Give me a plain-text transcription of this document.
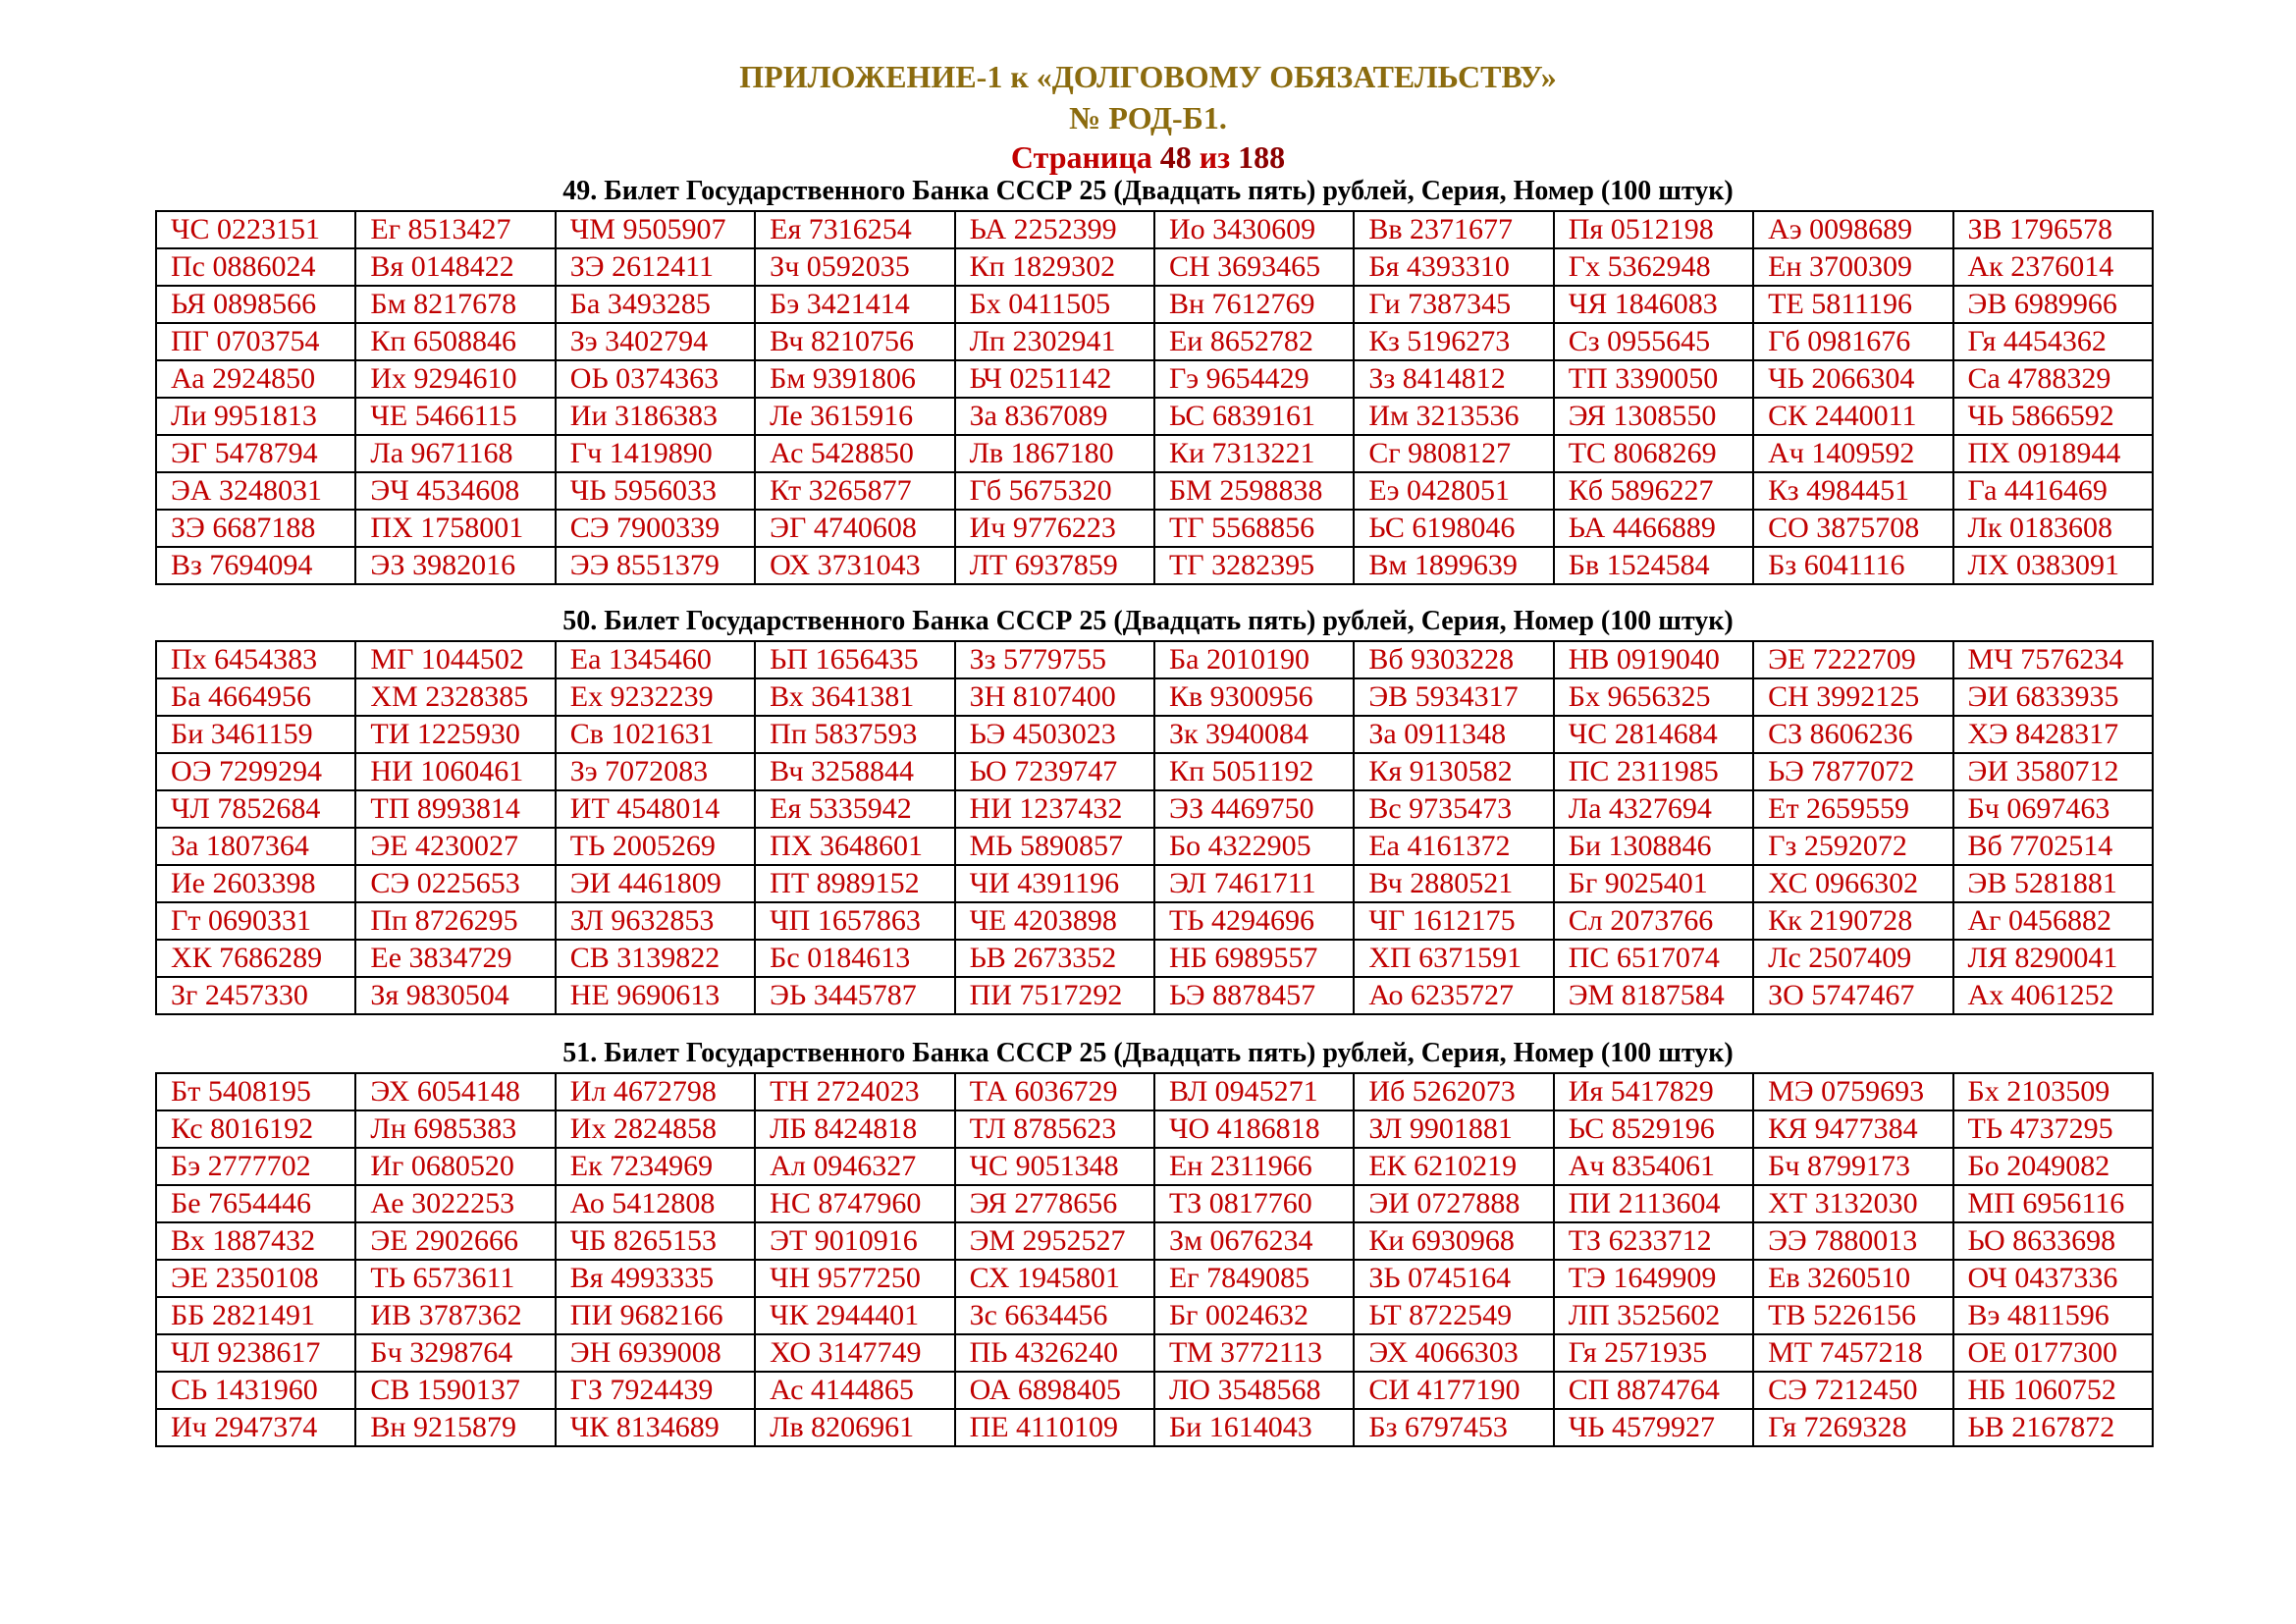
ПРИЛОЖЕНИЕ-1 к «ДОЛГОВОМУ ОБЯЗАТЕЛЬСТВУ»
№ РОД-Б1.
Страница 48 из 188
49. Билет Государственного Банка СССР 25 (Двадцать пять) рублей, Серия, Номер (100 штук)
ЧС 0223151	Ег 8513427	ЧМ 9505907	Ея 7316254	ЬА 2252399	Ио 3430609	Вв 2371677	Пя 0512198	Аэ 0098689	ЗВ 1796578
Пс 0886024	Вя 0148422	ЗЭ 2612411	Зч 0592035	Кп 1829302	СН 3693465	Бя 4393310	Гх 5362948	Ен 3700309	Ак 2376014
ЬЯ 0898566	Бм 8217678	Ба 3493285	Бэ 3421414	Бх 0411505	Вн 7612769	Ги 7387345	ЧЯ 1846083	ТЕ 5811196	ЭВ 6989966
ПГ 0703754	Кп 6508846	Зэ 3402794	Вч 8210756	Лп 2302941	Еи 8652782	Кз 5196273	Сз 0955645	Гб 0981676	Гя 4454362
Аа 2924850	Их 9294610	ОЬ 0374363	Бм 9391806	ЬЧ 0251142	Гэ 9654429	Зз 8414812	ТП 3390050	ЧЬ 2066304	Са 4788329
Ли 9951813	ЧЕ 5466115	Ии 3186383	Ле 3615916	За 8367089	ЬС 6839161	Им 3213536	ЭЯ 1308550	СК 2440011	ЧЬ 5866592
ЭГ 5478794	Ла 9671168	Гч 1419890	Ас 5428850	Лв 1867180	Ки 7313221	Сг 9808127	ТС 8068269	Ач 1409592	ПХ 0918944
ЭА 3248031	ЭЧ 4534608	ЧЬ 5956033	Кт 3265877	Гб 5675320	БМ 2598838	Еэ 0428051	Кб 5896227	Кз 4984451	Га 4416469
ЗЭ 6687188	ПХ 1758001	СЭ 7900339	ЭГ 4740608	Ич 9776223	ТГ 5568856	ЬС 6198046	ЬА 4466889	СО 3875708	Лк 0183608
Вз 7694094	ЭЗ 3982016	ЭЭ 8551379	ОХ 3731043	ЛТ 6937859	ТГ 3282395	Вм 1899639	Бв 1524584	Бз 6041116	ЛХ 0383091
50. Билет Государственного Банка СССР 25 (Двадцать пять) рублей, Серия, Номер (100 штук)
Пх 6454383	МГ 1044502	Еа 1345460	ЬП 1656435	Зз 5779755	Ба 2010190	Вб 9303228	НВ 0919040	ЭЕ 7222709	МЧ 7576234
Ба 4664956	ХМ 2328385	Ех 9232239	Вх 3641381	ЗН 8107400	Кв 9300956	ЭВ 5934317	Бх 9656325	СН 3992125	ЭИ 6833935
Би 3461159	ТИ 1225930	Св 1021631	Пп 5837593	ЬЭ 4503023	Зк 3940084	За 0911348	ЧС 2814684	СЗ 8606236	ХЭ 8428317
ОЭ 7299294	НИ 1060461	Зэ 7072083	Вч 3258844	ЬО 7239747	Кп 5051192	Кя 9130582	ПС 2311985	ЬЭ 7877072	ЭИ 3580712
ЧЛ 7852684	ТП 8993814	ИТ 4548014	Ея 5335942	НИ 1237432	ЭЗ 4469750	Вс 9735473	Ла 4327694	Ет 2659559	Бч 0697463
За 1807364	ЭЕ 4230027	ТЬ 2005269	ПХ 3648601	МЬ 5890857	Бо 4322905	Еа 4161372	Би 1308846	Гз 2592072	Вб 7702514
Ие 2603398	СЭ 0225653	ЭИ 4461809	ПТ 8989152	ЧИ 4391196	ЭЛ 7461711	Вч 2880521	Бг 9025401	ХС 0966302	ЭВ 5281881
Гт 0690331	Пп 8726295	ЗЛ 9632853	ЧП 1657863	ЧЕ 4203898	ТЬ 4294696	ЧГ 1612175	Сл 2073766	Кк 2190728	Аг 0456882
ХК 7686289	Ее 3834729	СВ 3139822	Бс 0184613	ЬВ 2673352	НБ 6989557	ХП 6371591	ПС 6517074	Лс 2507409	ЛЯ 8290041
Зг 2457330	Зя 9830504	НЕ 9690613	ЭЬ 3445787	ПИ 7517292	ЬЭ 8878457	Ао 6235727	ЭМ 8187584	ЗО 5747467	Ах 4061252
51. Билет Государственного Банка СССР 25 (Двадцать пять) рублей, Серия, Номер (100 штук)
Бт 5408195	ЭХ 6054148	Ил 4672798	ТН 2724023	ТА 6036729	ВЛ 0945271	Иб 5262073	Ия 5417829	МЭ 0759693	Бх 2103509
Кс 8016192	Лн 6985383	Их 2824858	ЛБ 8424818	ТЛ 8785623	ЧО 4186818	ЗЛ 9901881	ЬС 8529196	КЯ 9477384	ТЬ 4737295
Бэ 2777702	Иг 0680520	Ек 7234969	Ал 0946327	ЧС 9051348	Ен 2311966	ЕК 6210219	Ач 8354061	Бч 8799173	Бо 2049082
Бе 7654446	Ае 3022253	Ао 5412808	НС 8747960	ЭЯ 2778656	ТЗ 0817760	ЭИ 0727888	ПИ 2113604	ХТ 3132030	МП 6956116
Вх 1887432	ЭЕ 2902666	ЧБ 8265153	ЭТ 9010916	ЭМ 2952527	Зм 0676234	Ки 6930968	ТЗ 6233712	ЭЭ 7880013	ЬО 8633698
ЭЕ 2350108	ТЬ 6573611	Вя 4993335	ЧН 9577250	СХ 1945801	Ег 7849085	ЗЬ 0745164	ТЭ 1649909	Ев 3260510	ОЧ 0437336
ББ 2821491	ИВ 3787362	ПИ 9682166	ЧК 2944401	Зс 6634456	Бг 0024632	ЬТ 8722549	ЛП 3525602	ТВ 5226156	Вэ 4811596
ЧЛ 9238617	Бч 3298764	ЭН 6939008	ХО 3147749	ПЬ 4326240	ТМ 3772113	ЭХ 4066303	Гя 2571935	МТ 7457218	ОЕ 0177300
СЬ 1431960	СВ 1590137	ГЗ 7924439	Ас 4144865	ОА 6898405	ЛО 3548568	СИ 4177190	СП 8874764	СЭ 7212450	НБ 1060752
Ич 2947374	Вн 9215879	ЧК 8134689	Лв 8206961	ПЕ 4110109	Би 1614043	Бз 6797453	ЧЬ 4579927	Гя 7269328	ЬВ 2167872
